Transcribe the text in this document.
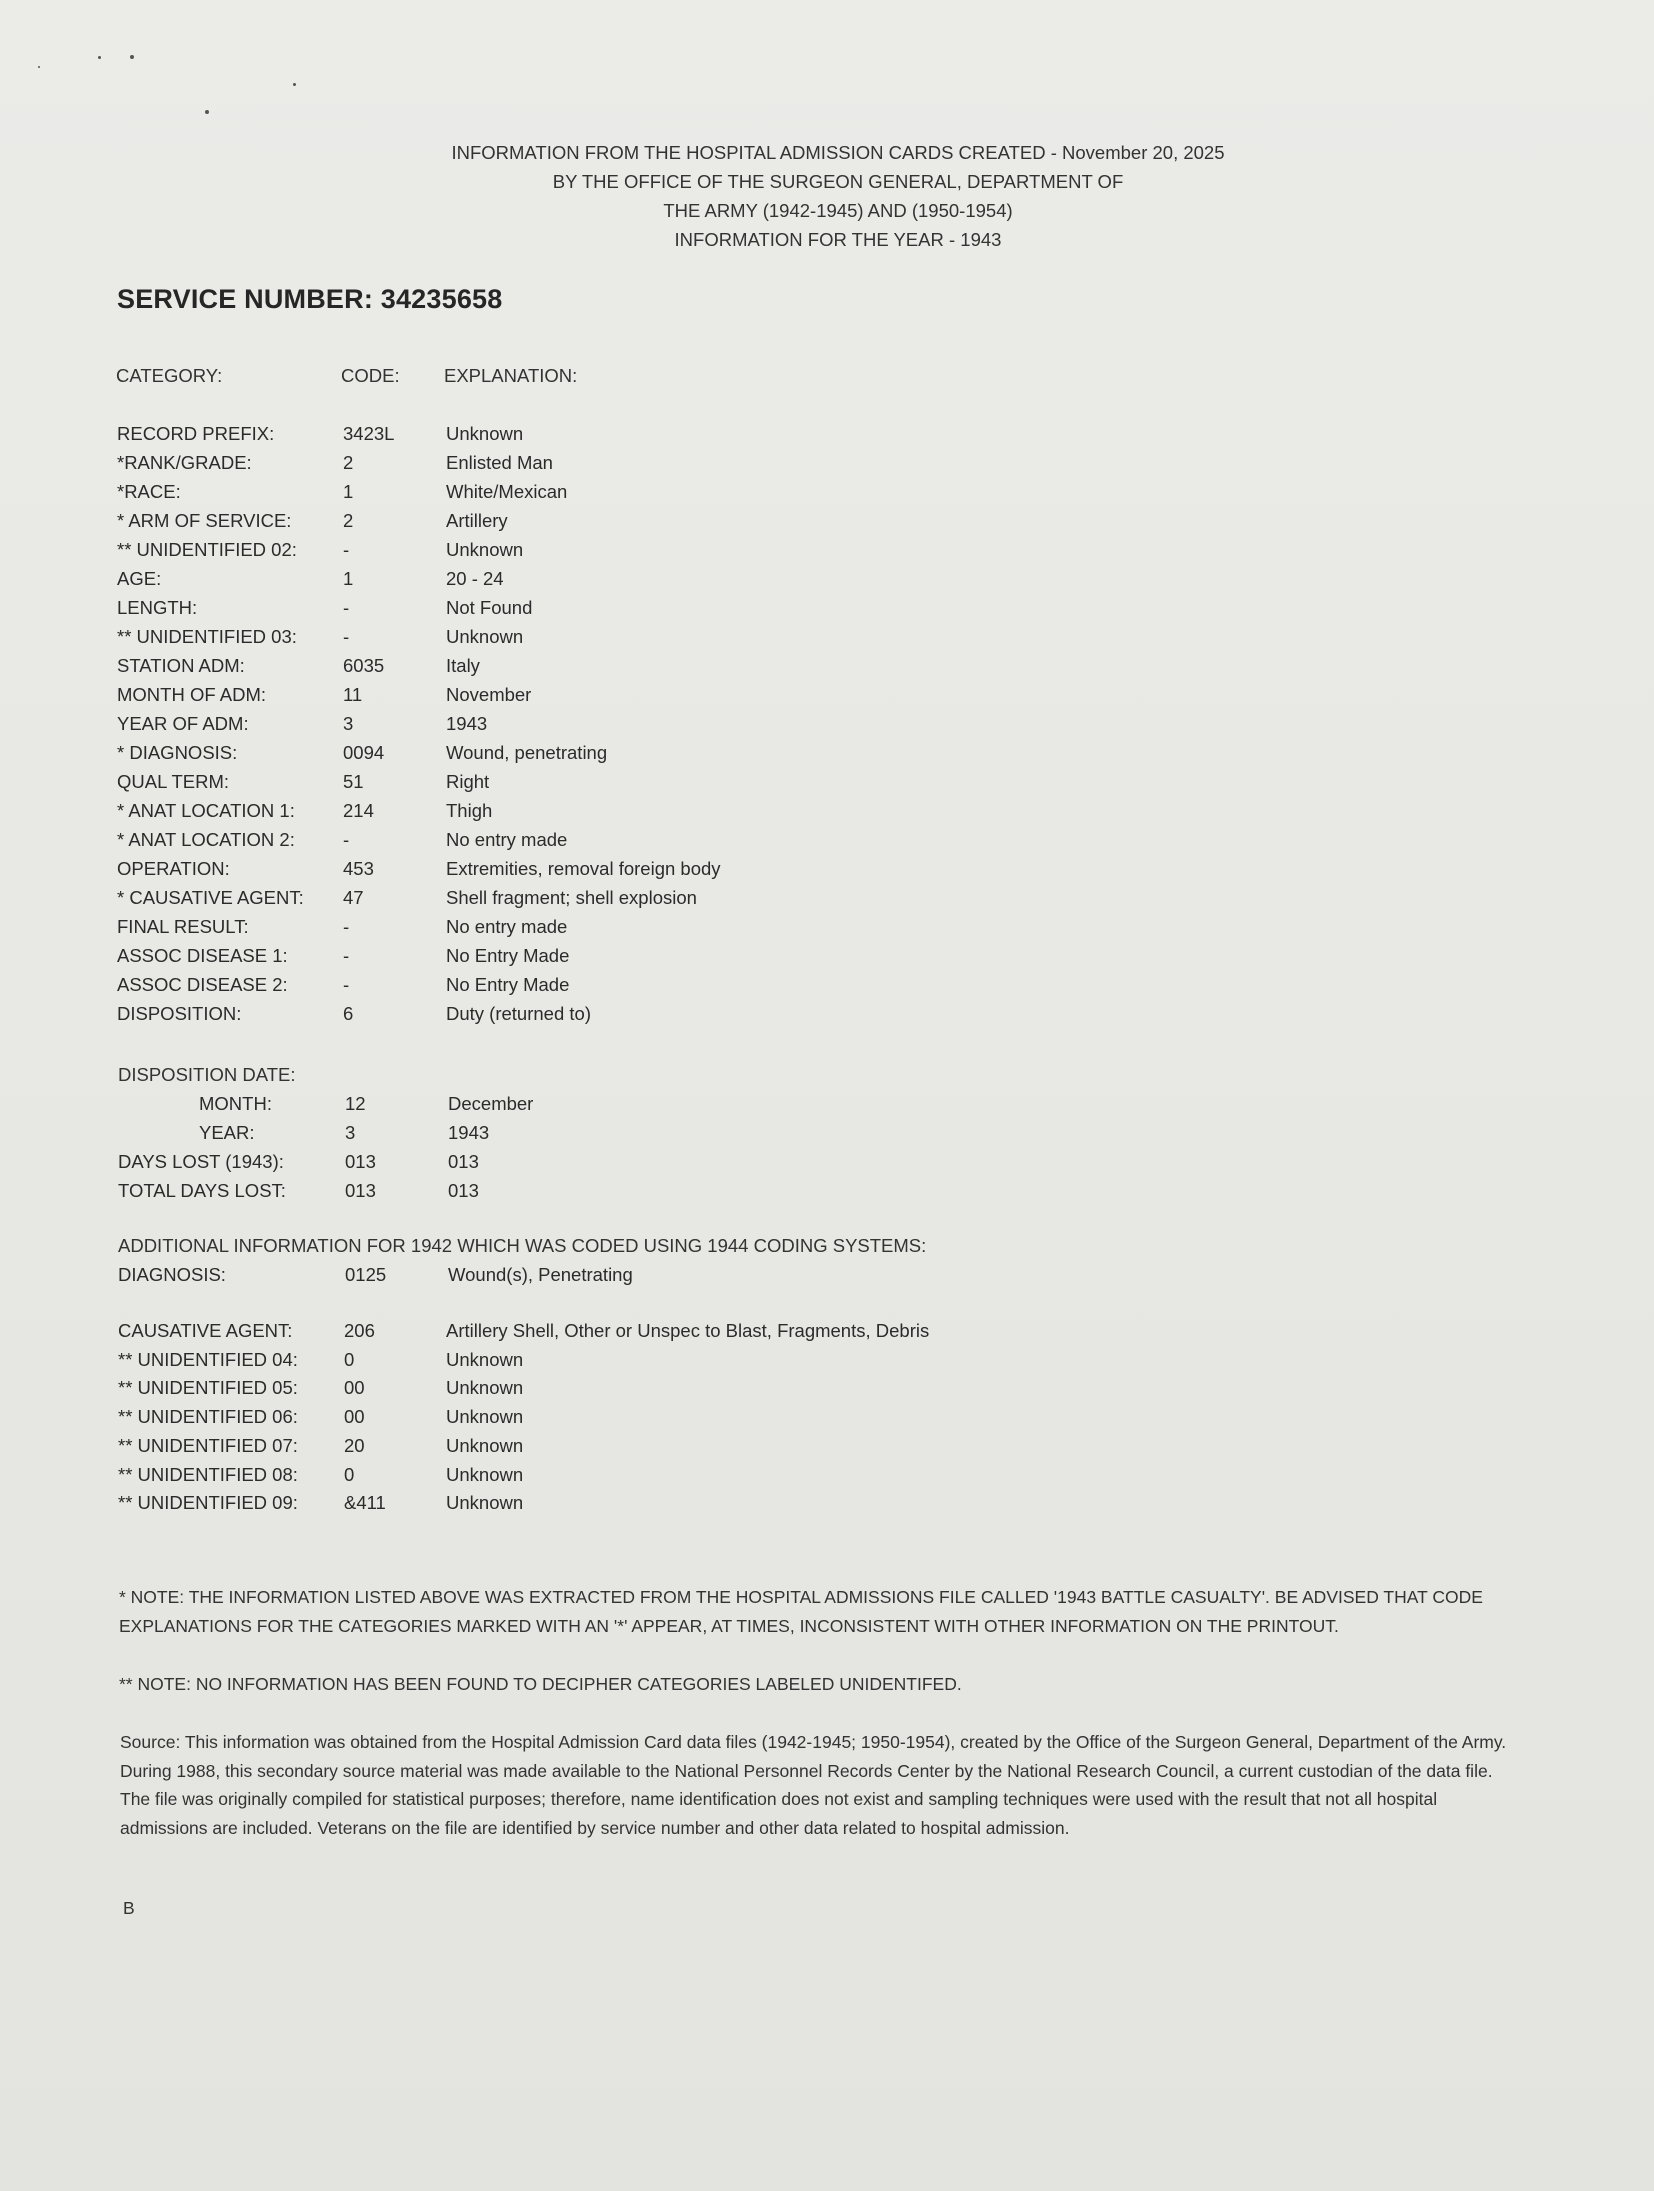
INFORMATION FROM THE HOSPITAL ADMISSION CARDS CREATED - November 20, 2025
BY THE OFFICE OF THE SURGEON GENERAL, DEPARTMENT OF
THE ARMY (1942-1945) AND (1950-1954)
INFORMATION FOR THE YEAR - 1943
SERVICE NUMBER: 34235658
CATEGORY:	CODE: EXPLANATION:
RECORD PREFIX:	3423L	Unknown
*RANK/GRADE:	2	Enlisted Man
*RACE:	1	White/Mexican
* ARM OF SERVICE:	2	Artillery
** UNIDENTIFIED 02: -	Unknown
AGE:	1	20 - 24
LENGTH:	-	Not Found
** UNIDENTIFIED 03: -	Unknown
STATION ADM:	6035	Italy
MONTH OF ADM:	11	November
YEAR OF ADM:	3	1943
* DIAGNOSIS:	0094	Wound, penetrating
QUAL TERM:	51	Right
* ANAT LOCATION 1:	214	Thigh
* ANAT LOCATION 2:	-	No entry made
OPERATION:	453	Extremities, removal foreign body
* CAUSATIVE AGENT: 47	Shell fragment; shell explosion
FINAL RESULT:	-	No entry made
ASSOC DISEASE 1:	-	No Entry Made
ASSOC DISEASE 2:	-	No Entry Made
DISPOSITION:	6	Duty (returned to)
DISPOSITION DATE:
MONTH:	12	December
YEAR:	3	1943
DAYS LOST (1943):	013	013
TOTAL DAYS LOST:	013	013
ADDITIONAL INFORMATION FOR 1942 WHICH WAS CODED USING 1944 CODING SYSTEMS:
DIAGNOSIS:	0125	Wound(s), Penetrating
CAUSATIVE AGENT:	206	Artillery Shell, Other or Unspec to Blast, Fragments, Debris
** UNIDENTIFIED 04: 0	Unknown
** UNIDENTIFIED 05: 00	Unknown
** UNIDENTIFIED 06: 00	Unknown
** UNIDENTIFIED 07: 20	Unknown
** UNIDENTIFIED 08: 0	Unknown
** UNIDENTIFIED 09: &411	Unknown
* NOTE: THE INFORMATION LISTED ABOVE WAS EXTRACTED FROM THE HOSPITAL ADMISSIONS FILE CALLED '1943 BATTLE CASUALTY'. BE ADVISED THAT CODE EXPLANATIONS FOR THE CATEGORIES MARKED WITH AN '*' APPEAR, AT TIMES, INCONSISTENT WITH OTHER INFORMATION ON THE PRINTOUT.
** NOTE: NO INFORMATION HAS BEEN FOUND TO DECIPHER CATEGORIES LABELED UNIDENTIFED.
Source: This information was obtained from the Hospital Admission Card data files (1942-1945; 1950-1954), created by the Office of the Surgeon General, Department of the Army. During 1988, this secondary source material was made available to the National Personnel Records Center by the National Research Council, a current custodian of the data file. The file was originally compiled for statistical purposes; therefore, name identification does not exist and sampling techniques were used with the result that not all hospital admissions are included. Veterans on the file are identified by service number and other data related to hospital admission.
B
